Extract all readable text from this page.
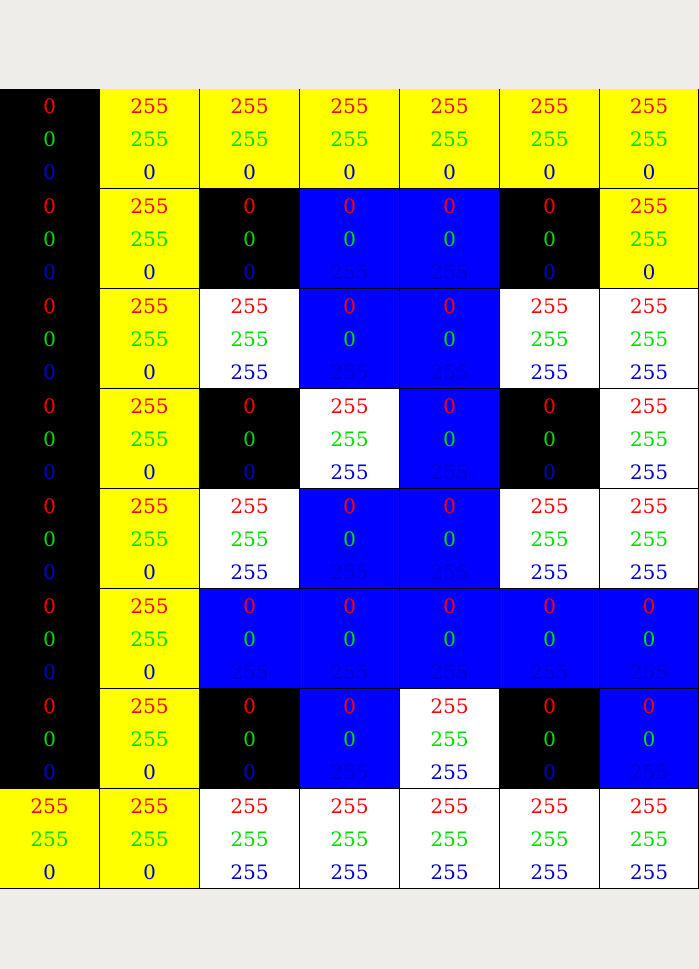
0
0
0
255
255
0
255
255
0
255
255
0
255
255
0
255
255
0
255
255
0
0
0
0
255
255
0
0
0
0
0
0
255
0
0
255
0
0
0
255
255
0
0
0
0
255
255
0
255
255
255
0
0
255
0
0
255
255
255
255
255
255
255
0
0
0
255
255
0
0
0
0
255
255
255
0
0
255
0
0
0
255
255
255
0
0
0
255
255
0
255
255
255
0
0
255
0
0
255
255
255
255
255
255
255
0
0
0
255
255
0
0
0
255
0
0
255
0
0
255
0
0
255
0
0
255
0
0
0
255
255
0
0
0
0
0
0
255
255
255
255
0
0
0
0
0
255
255
255
0
255
255
0
255
255
255
255
255
255
255
255
255
255
255
255
255
255
255
